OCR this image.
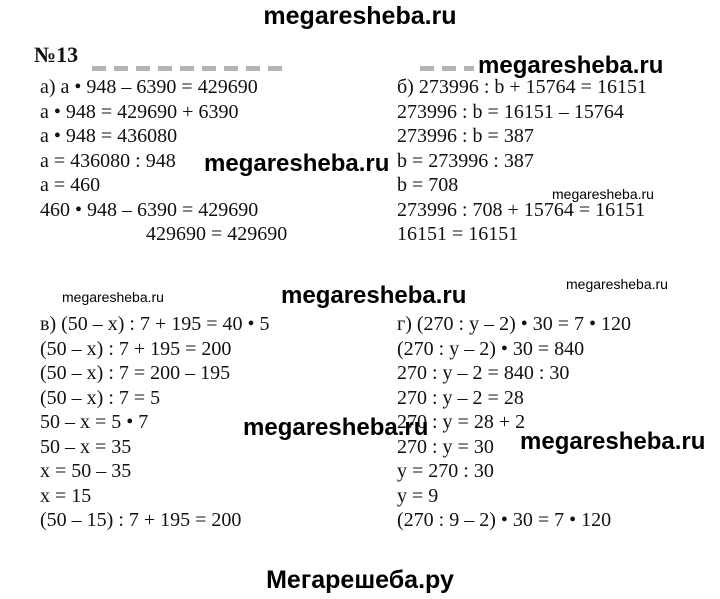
megaresheba.ru
№13
а) а • 948 – 6390 = 429690
а • 948 = 429690 + 6390
а • 948 = 436080
а = 436080 : 948
а = 460
460 • 948 – 6390 = 429690
429690 = 429690
б) 273996 : b + 15764 = 16151
273996 : b = 16151 – 15764
273996 : b = 387
b = 273996 : 387
b = 708
273996 : 708 + 15764 = 16151
16151 = 16151
в) (50 – х) : 7 + 195 = 40 • 5
(50 – х) : 7 + 195 = 200
(50 – х) : 7 = 200 – 195
(50 – х) : 7 = 5
50 – х = 5 • 7
50 – х = 35
х = 50 – 35
х = 15
(50 – 15) : 7 + 195 = 200
г) (270 : у – 2) • 30 = 7 • 120
(270 : у – 2) • 30 = 840
270 : у – 2 = 840 : 30
270 : у – 2 = 28
270 : у = 28 + 2
270 : у = 30
у = 270 : 30
у = 9
(270 : 9 – 2) • 30 = 7 • 120
megaresheba.ru
megaresheba.ru
megaresheba.ru
megaresheba.ru	megaresheba.ru	megaresheba.ru
megaresheba.ru
megaresheba.ru
Мегарешеба.ру
